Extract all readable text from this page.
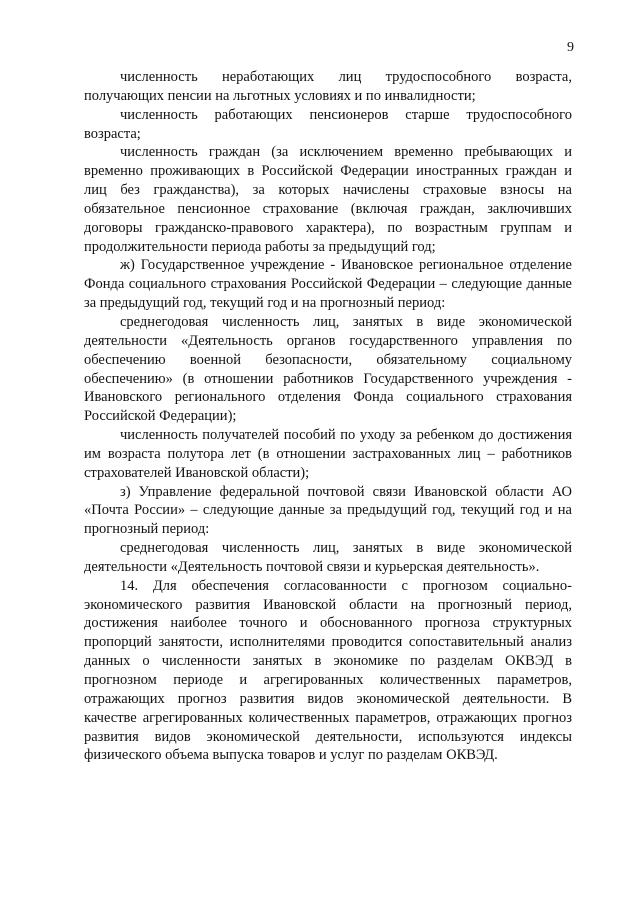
9

численность неработающих лиц трудоспособного возраста, получающих пенсии на льготных условиях и по инвалидности;

численность работающих пенсионеров старше трудоспособного возраста;

численность граждан (за исключением временно пребывающих и временно проживающих в Российской Федерации иностранных граждан и лиц без гражданства), за которых начислены страховые взносы на обязательное пенсионное страхование (включая граждан, заключивших договоры гражданско-правового характера), по возрастным группам и продолжительности периода работы за предыдущий год;

ж) Государственное учреждение - Ивановское региональное отделение Фонда социального страхования Российской Федерации – следующие данные за предыдущий год, текущий год и на прогнозный период:

среднегодовая численность лиц, занятых в виде экономической деятельности «Деятельность органов государственного управления по обеспечению военной безопасности, обязательному социальному обеспечению» (в отношении работников Государственного учреждения - Ивановского регионального отделения Фонда социального страхования Российской Федерации);

численность получателей пособий по уходу за ребенком до достижения им возраста полутора лет (в отношении застрахованных лиц – работников страхователей Ивановской области);

з) Управление федеральной почтовой связи Ивановской области АО «Почта России» – следующие данные за предыдущий год, текущий год и на прогнозный период:

среднегодовая численность лиц, занятых в виде экономической деятельности «Деятельность почтовой связи и курьерская деятельность».

14. Для обеспечения согласованности с прогнозом социально-экономического развития Ивановской области на прогнозный период, достижения наиболее точного и обоснованного прогноза структурных пропорций занятости, исполнителями проводится сопоставительный анализ данных о численности занятых в экономике по разделам ОКВЭД в прогнозном периоде и агрегированных количественных параметров, отражающих прогноз развития видов экономической деятельности. В качестве агрегированных количественных параметров, отражающих прогноз развития видов экономической деятельности, используются индексы физического объема выпуска товаров и услуг по разделам ОКВЭД.
